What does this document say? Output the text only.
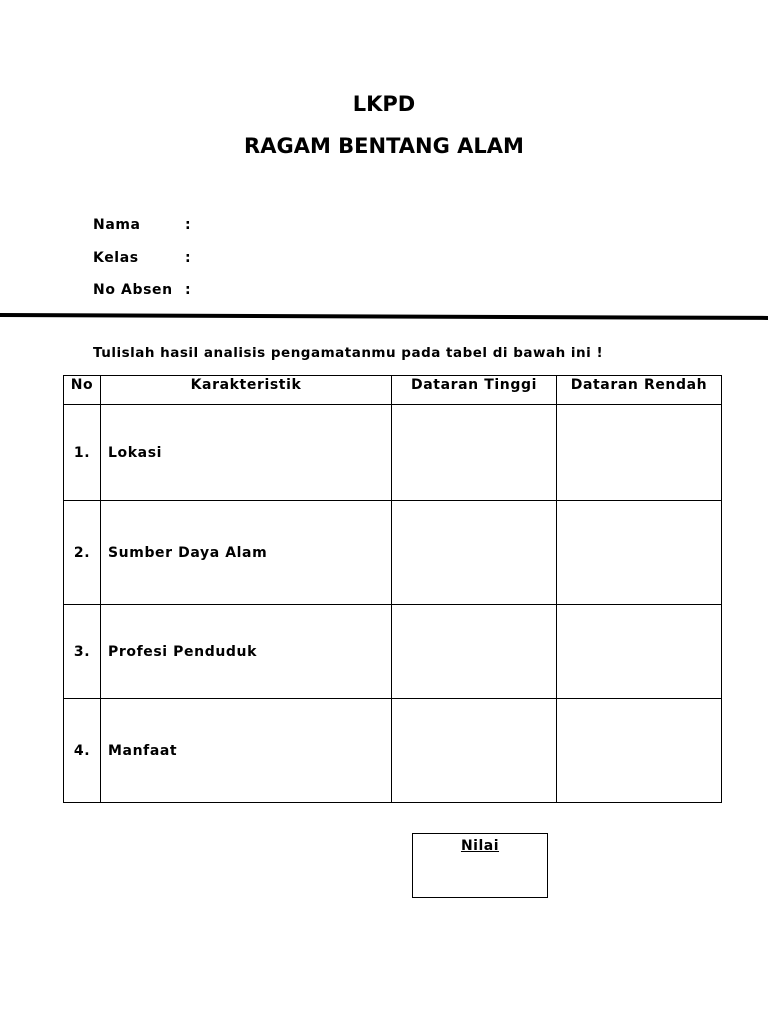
LKPD
RAGAM BENTANG ALAM
Nama	:
Kelas	:
No Absen :
Tulislah hasil analisis pengamatanmu pada tabel di bawah ini !
No	Karakteristik	Dataran Tinggi	Dataran Rendah
1.	Lokasi		
2.	Sumber Daya Alam		
3.	Profesi Penduduk		
4.	Manfaat		
Nilai
